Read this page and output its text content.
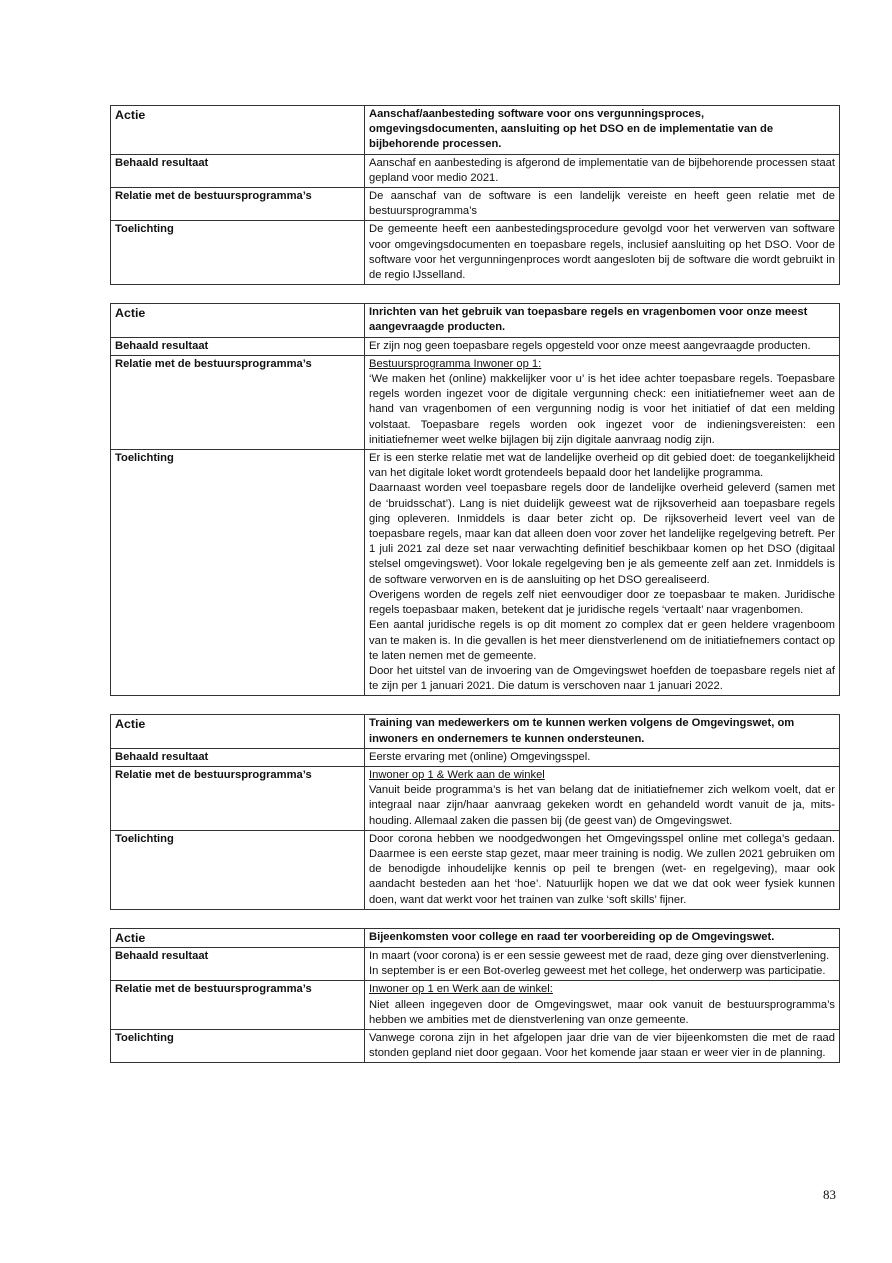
Actie	Aanschaf/aanbesteding software voor ons vergunningsproces, omgevingsdocumenten, aansluiting op het DSO en de implementatie van de bijbehorende processen.
Behaald resultaat	Aanschaf en aanbesteding is afgerond de implementatie van de bijbehorende processen staat gepland voor medio 2021.

Relatie met de bestuursprogramma’s	De aanschaf van de software is een landelijk vereiste en heeft geen relatie met de bestuursprogramma’s

Toelichting	De gemeente heeft een aanbestedingsprocedure gevolgd voor het verwerven van software voor omgevingsdocumenten en toepasbare regels, inclusief aansluiting op het DSO. Voor de software voor het vergunningenproces wordt aangesloten bij de software die wordt gebruikt in de regio IJsselland.

Actie	Inrichten van het gebruik van toepasbare regels en vragenbomen voor onze meest aangevraagde producten.
Behaald resultaat	Er zijn nog geen toepasbare regels opgesteld voor onze meest aangevraagde producten.

Relatie met de bestuursprogramma’s	Bestuursprogramma Inwoner op 1:

‘We maken het (online) makkelijker voor u’ is het idee achter toepasbare regels. Toepasbare regels worden ingezet voor de digitale vergunning check: een initiatiefnemer weet aan de hand van vragenbomen of een vergunning nodig is voor het initiatief of dat een melding volstaat. Toepasbare regels worden ook ingezet voor de indieningsvereisten: een initiatiefnemer weet welke bijlagen bij zijn digitale aanvraag nodig zijn.

Toelichting	Er is een sterke relatie met wat de landelijke overheid op dit gebied doet: de toegankelijkheid van het digitale loket wordt grotendeels bepaald door het landelijke programma.

Daarnaast worden veel toepasbare regels door de landelijke overheid geleverd (samen met de ‘bruidsschat’). Lang is niet duidelijk geweest wat de rijksoverheid aan toepasbare regels ging opleveren. Inmiddels is daar beter zicht op. De rijksoverheid levert veel van de toepasbare regels, maar kan dat alleen doen voor zover het landelijke regelgeving betreft. Per 1 juli 2021 zal deze set naar verwachting definitief beschikbaar komen op het DSO (digitaal stelsel omgevingswet). Voor lokale regelgeving ben je als gemeente zelf aan zet. Inmiddels is de software verworven en is de aansluiting op het DSO gerealiseerd.

Overigens worden de regels zelf niet eenvoudiger door ze toepasbaar te maken. Juridische regels toepasbaar maken, betekent dat je juridische regels ‘vertaalt’ naar vragenbomen.

Een aantal juridische regels is op dit moment zo complex dat er geen heldere vragenboom van te maken is. In die gevallen is het meer dienstverlenend om de initiatiefnemers contact op te laten nemen met de gemeente.

Door het uitstel van de invoering van de Omgevingswet hoefden de toepasbare regels niet af te zijn per 1 januari 2021. Die datum is verschoven naar 1 januari 2022.

Actie	Training van medewerkers om te kunnen werken volgens de Omgevingswet, om inwoners en ondernemers te kunnen ondersteunen.
Behaald resultaat	Eerste ervaring met (online) Omgevingsspel.

Relatie met de bestuursprogramma’s	Inwoner op 1 & Werk aan de winkel

Vanuit beide programma’s is het van belang dat de initiatiefnemer zich welkom voelt, dat er integraal naar zijn/haar aanvraag gekeken wordt en gehandeld wordt vanuit de ja, mits-houding. Allemaal zaken die passen bij (de geest van) de Omgevingswet.

Toelichting	Door corona hebben we noodgedwongen het Omgevingsspel online met collega’s gedaan. Daarmee is een eerste stap gezet, maar meer training is nodig. We zullen 2021 gebruiken om de benodigde inhoudelijke kennis op peil te brengen (wet- en regelgeving), maar ook aandacht besteden aan het ‘hoe’. Natuurlijk hopen we dat we dat ook weer fysiek kunnen doen, want dat werkt voor het trainen van zulke ‘soft skills’ fijner.

Actie	Bijeenkomsten voor college en raad ter voorbereiding op de Omgevingswet.
Behaald resultaat	In maart (voor corona) is er een sessie geweest met de raad, deze ging over dienstverlening.

In september is er een Bot-overleg geweest met het college, het onderwerp was participatie.

Relatie met de bestuursprogramma’s	Inwoner op 1 en Werk aan de winkel:

Niet alleen ingegeven door de Omgevingswet, maar ook vanuit de bestuursprogramma’s hebben we ambities met de dienstverlening van onze gemeente.

Toelichting	Vanwege corona zijn in het afgelopen jaar drie van de vier bijeenkomsten die met de raad stonden gepland niet door gegaan. Voor het komende jaar staan er weer vier in de planning.

83
